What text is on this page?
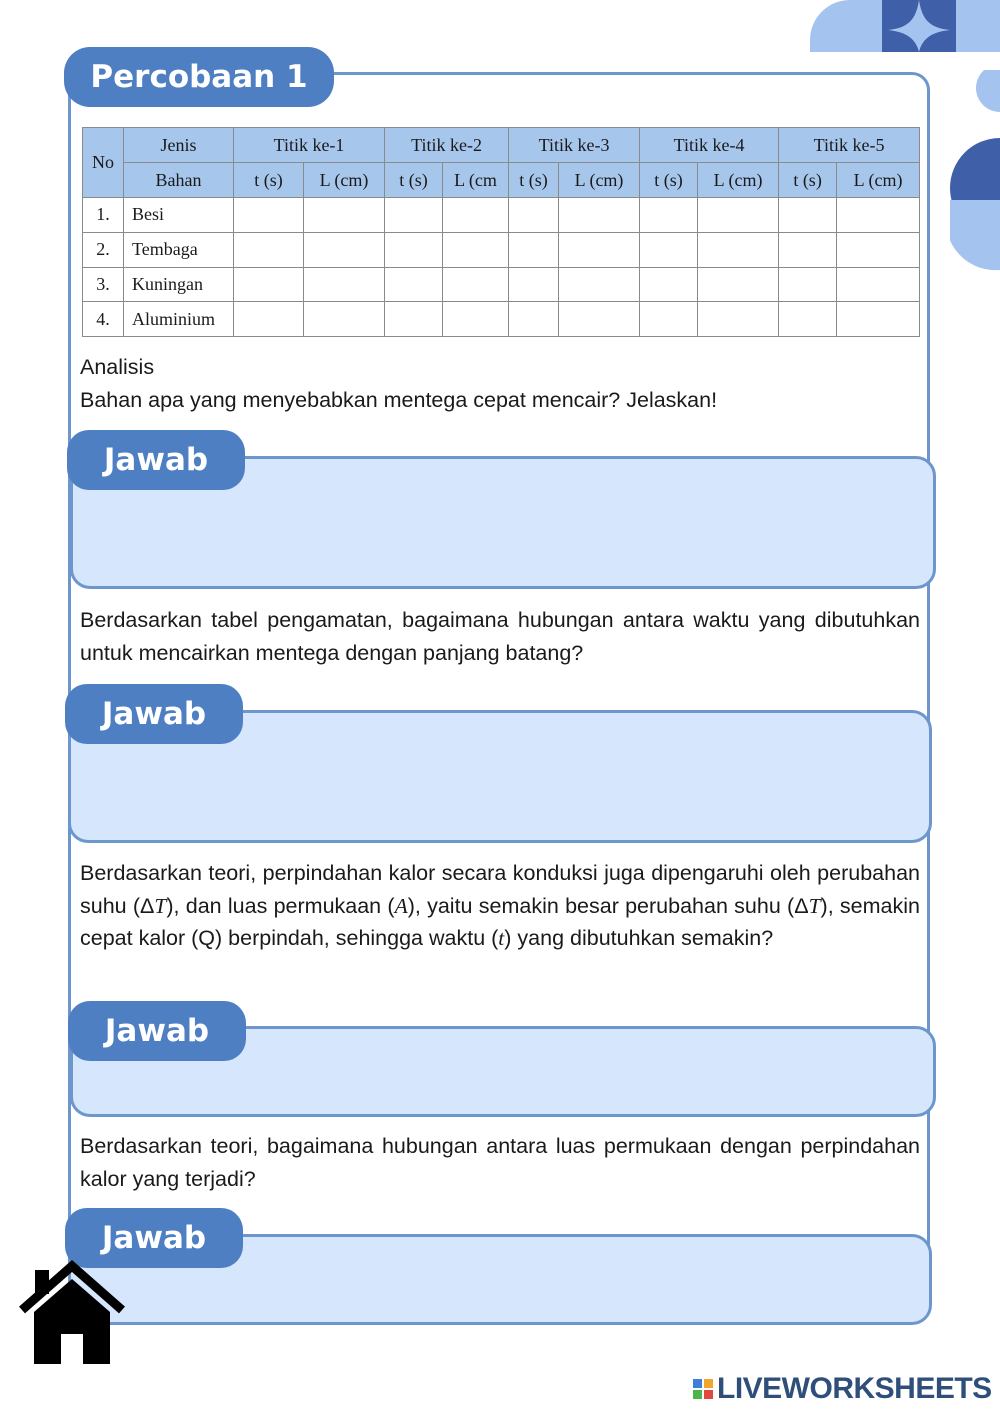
Percobaan 1
No	Jenis	Titik ke-1		Titik ke-2		Titik ke-3		Titik ke-4		Titik ke-5	
	Bahan	t (s)	L (cm)	t (s)	L (cm	t (s)	L (cm)	t (s)	L (cm)	t (s)	L (cm)
1.	Besi										
2.	Tembaga										
3.	Kuningan										
4.	Aluminium										
Analisis
Bahan apa yang menyebabkan mentega cepat mencair? Jelaskan!
Jawab
Berdasarkan tabel pengamatan, bagaimana hubungan antara waktu yang dibutuhkan untuk mencairkan mentega dengan panjang batang?
Jawab
Berdasarkan teori, perpindahan kalor secara konduksi juga dipengaruhi oleh perubahan suhu (ΔT), dan luas permukaan (A), yaitu semakin besar perubahan suhu (ΔT), semakin cepat kalor (Q) berpindah, sehingga waktu (t) yang dibutuhkan semakin?
Jawab
Berdasarkan teori, bagaimana hubungan antara luas permukaan dengan perpindahan kalor yang terjadi?
Jawab
LIVEWORKSHEETS
